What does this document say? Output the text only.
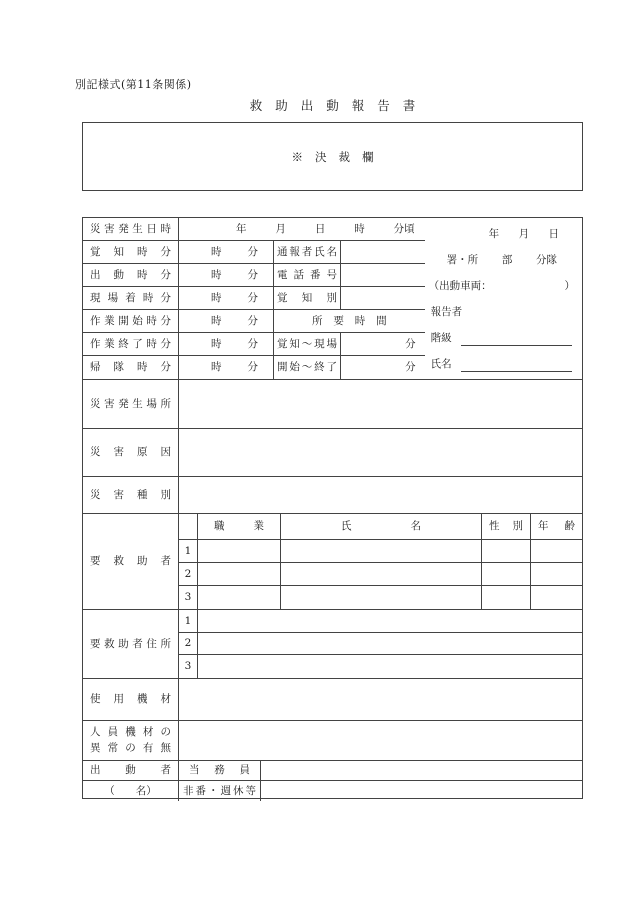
別記様式(第11条関係)
救助出動報告書
※決裁欄
災害発生日時	年	月	日	時	分頃
覚知時分	時 分 通報者氏名
出動時分	時 分 電話番号
現場着時分	時 分 覚知別
作業開始時分	時 分	所要時間
作業終了時分	時 分 覚知～現場	分
帰隊時分	時 分 開始～終了	分
年 月 日
署・所 部 分隊
（出動車両：	）
報告者
階級
氏名
災害発生場所
災害原因
災害種別
要救助者
職業	氏名	性別 年齢
1
2
3
要救助者住所
1
2
3
使用機材
人員機材の
異常の有無
出動者 当務員
（　　名）	非番・週休等
